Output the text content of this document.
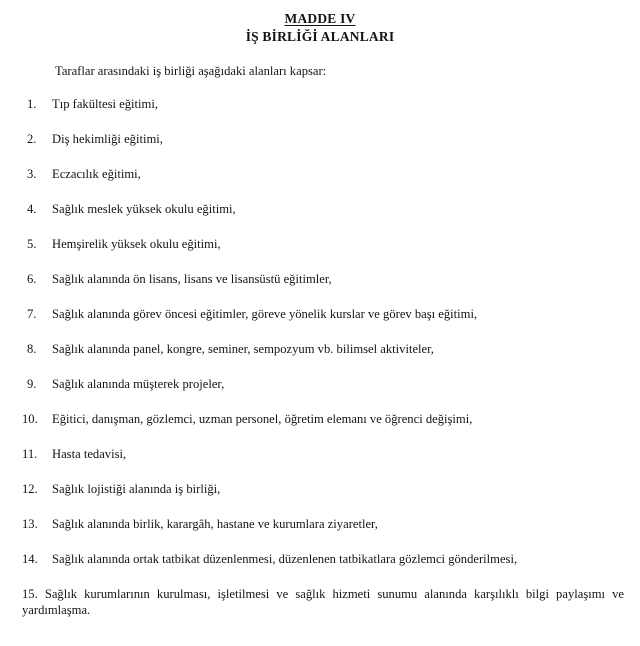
MADDE IV
İŞ BİRLİĞİ ALANLARI

Taraflar arasındaki iş birliği aşağıdaki alanları kapsar:

1.	Tıp fakültesi eğitimi,
2.	Diş hekimliği eğitimi,
3.	Eczacılık eğitimi,
4.	Sağlık meslek yüksek okulu eğitimi,
5.	Hemşirelik yüksek okulu eğitimi,
6.	Sağlık alanında ön lisans, lisans ve lisansüstü eğitimler,
7.	Sağlık alanında görev öncesi eğitimler, göreve yönelik kurslar ve görev başı eğitimi,
8.	Sağlık alanında panel, kongre, seminer, sempozyum vb. bilimsel aktiviteler,
9.	Sağlık alanında müşterek projeler,
10.	Eğitici, danışman, gözlemci, uzman personel, öğretim elemanı ve öğrenci değişimi,
11.	Hasta tedavisi,
12.	Sağlık lojistiği alanında iş birliği,
13.	Sağlık alanında birlik, karargâh, hastane ve kurumlara ziyaretler,
14.	Sağlık alanında ortak tatbikat düzenlenmesi, düzenlenen tatbikatlara gözlemci gönderilmesi,
15. Sağlık kurumlarının kurulması, işletilmesi ve sağlık hizmeti sunumu alanında karşılıklı bilgi paylaşımı ve yardımlaşma.
